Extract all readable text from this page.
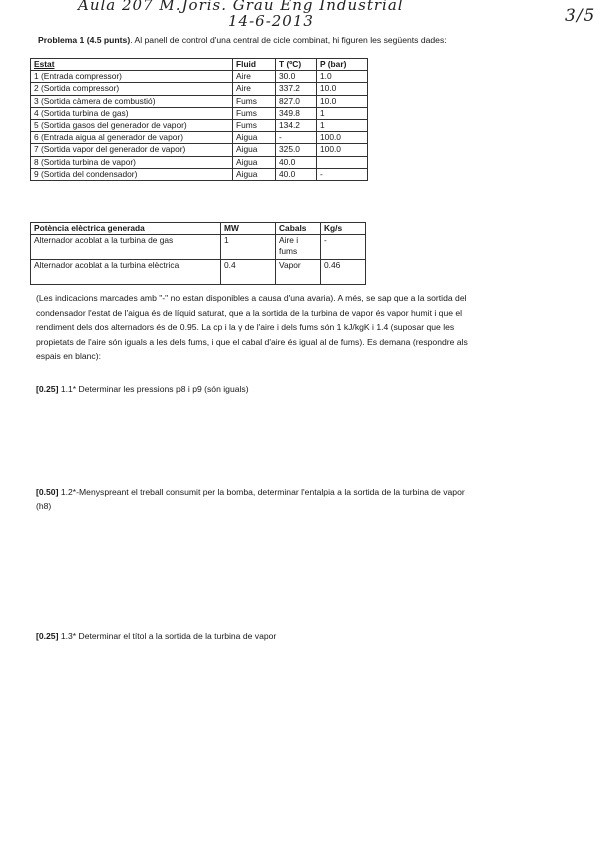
Aula 207 M.Joris. Grau Eng Industrial
14-6-2013	3/5
Problema 1 (4.5 punts). Al panell de control d'una central de cicle combinat, hi figuren les següents dades:
Estat	Fluid	T (ºC)	P (bar)
1 (Entrada compressor)	Aire	30.0	1.0
2 (Sortida compressor)	Aire	337.2	10.0
3 (Sortida càmera de combustió)	Fums	827.0	10.0
4 (Sortida turbina de gas)	Fums	349.8	1
5 (Sortida gasos del generador de vapor)	Fums	134.2	1
6 (Entrada aigua al generador de vapor)	Aigua	-	100.0
7 (Sortida vapor del generador de vapor)	Aigua	325.0	100.0
8 (Sortida turbina de vapor)	Aigua	40.0	
9 (Sortida del condensador)	Aigua	40.0	-
Potència elèctrica generada	MW	Cabals	Kg/s
Alternador acoblat a la turbina de gas	1	Aire i fums	-
Alternador acoblat a la turbina elèctrica	0.4	Vapor	0.46
(Les indicacions marcades amb "-" no estan disponibles a causa d'una avaria). A més, se sap que a la sortida del
condensador l'estat de l'aigua és de líquid saturat, que a la sortida de la turbina de vapor és vapor humit i que el
rendiment dels dos alternadors és de 0.95. La cp i la γ de l'aire i dels fums són 1 kJ/kgK i 1.4 (suposar que les
propietats de l'aire són iguals a les dels fums, i que el cabal d'aire és igual al de fums). Es demana (respondre als
espais en blanc):
[0.25] 1.1* Determinar les pressions p8 i p9 (són iguals)
[0.50] 1.2*-Menyspreant el treball consumit per la bomba, determinar l'entalpia a la sortida de la turbina de vapor
(h8)
[0.25] 1.3* Determinar el títol a la sortida de la turbina de vapor
